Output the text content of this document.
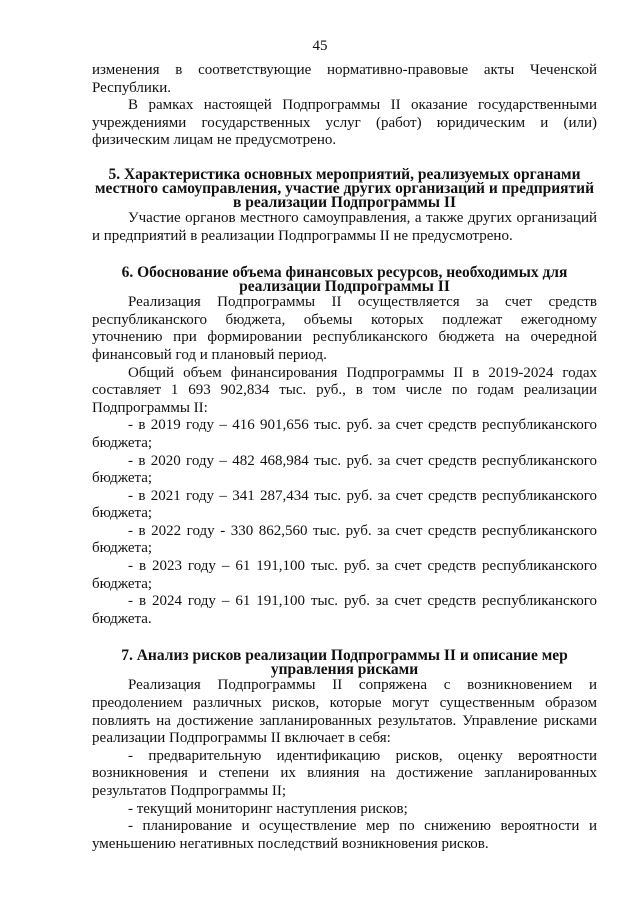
45

изменения в соответствующие нормативно-правовые акты Чеченской Республики.

В рамках настоящей Подпрограммы II оказание государственными учреждениями государственных услуг (работ) юридическим и (или) физическим лицам не предусмотрено.

5. Характеристика основных мероприятий, реализуемых органами местного самоуправления, участие других организаций и предприятий в реализации Подпрограммы II

Участие органов местного самоуправления, а также других организаций и предприятий в реализации Подпрограммы II не предусмотрено.

6. Обоснование объема финансовых ресурсов, необходимых для реализации Подпрограммы II

Реализация Подпрограммы II осуществляется за счет средств республиканского бюджета, объемы которых подлежат ежегодному уточнению при формировании республиканского бюджета на очередной финансовый год и плановый период.

Общий объем финансирования Подпрограммы II в 2019-2024 годах составляет 1 693 902,834 тыс. руб., в том числе по годам реализации Подпрограммы II:

- в 2019 году – 416 901,656 тыс. руб. за счет средств республиканского бюджета;

- в 2020 году – 482 468,984 тыс. руб. за счет средств республиканского бюджета;

- в 2021 году – 341 287,434 тыс. руб. за счет средств республиканского бюджета;

- в 2022 году - 330 862,560 тыс. руб. за счет средств республиканского бюджета;

- в 2023 году – 61 191,100 тыс. руб. за счет средств республиканского бюджета;

- в 2024 году – 61 191,100 тыс. руб. за счет средств республиканского бюджета.

7. Анализ рисков реализации Подпрограммы II и описание мер управления рисками

Реализация Подпрограммы II сопряжена с возникновением и преодолением различных рисков, которые могут существенным образом повлиять на достижение запланированных результатов. Управление рисками реализации Подпрограммы II включает в себя:

- предварительную идентификацию рисков, оценку вероятности возникновения и степени их влияния на достижение запланированных результатов Подпрограммы II;

- текущий мониторинг наступления рисков;

- планирование и осуществление мер по снижению вероятности и уменьшению негативных последствий возникновения рисков.
